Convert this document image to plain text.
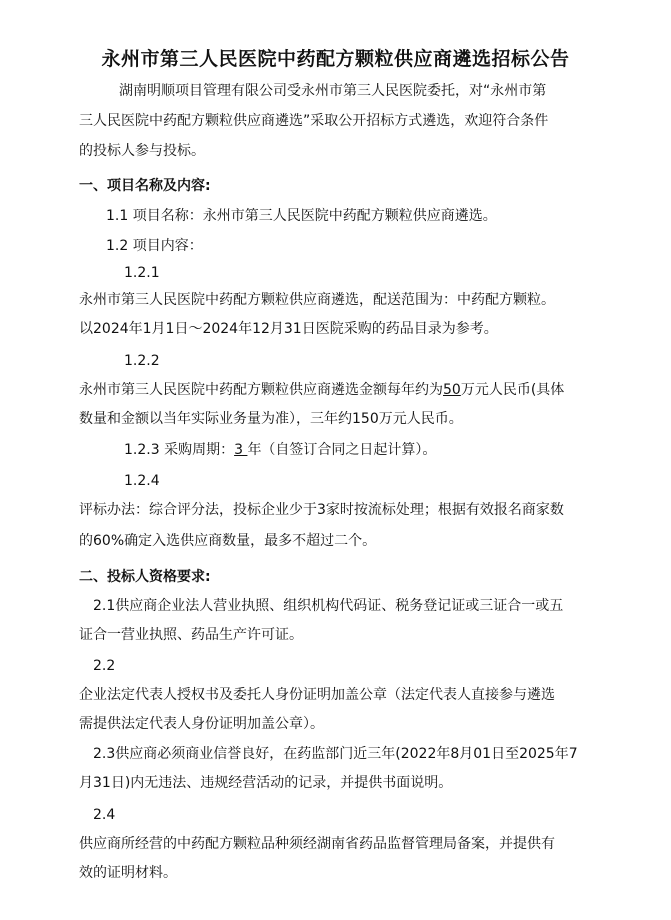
永州市第三人民医院中药配方颗粒供应商遴选招标公告
湖南明顺项目管理有限公司受永州市第三人民医院委托，对“永州市第
三人民医院中药配方颗粒供应商遴选”采取公开招标方式遴选，欢迎符合条件
的投标人参与投标。
一、项目名称及内容:
1.1 项目名称：永州市第三人民医院中药配方颗粒供应商遴选。
1.2 项目内容：
1.2.1
永州市第三人民医院中药配方颗粒供应商遴选，配送范围为：中药配方颗粒。
以2024年1月1日～2024年12月31日医院采购的药品目录为参考。
1.2.2
永州市第三人民医院中药配方颗粒供应商遴选金额每年约为50万元人民币(具体
数量和金额以当年实际业务量为准），三年约150万元人民币。
1.2.3 采购周期：3 年（自签订合同之日起计算）。
1.2.4
评标办法：综合评分法，投标企业少于3家时按流标处理；根据有效报名商家数
的60%确定入选供应商数量，最多不超过二个。
二、投标人资格要求:
2.1供应商企业法人营业执照、组织机构代码证、税务登记证或三证合一或五
证合一营业执照、药品生产许可证。
2.2
企业法定代表人授权书及委托人身份证明加盖公章（法定代表人直接参与遴选
需提供法定代表人身份证明加盖公章）。
2.3供应商必须商业信誉良好，在药监部门近三年(2022年8月01日至2025年7
月31日)内无违法、违规经营活动的记录，并提供书面说明。
2.4
供应商所经营的中药配方颗粒品种须经湖南省药品监督管理局备案，并提供有
效的证明材料。
